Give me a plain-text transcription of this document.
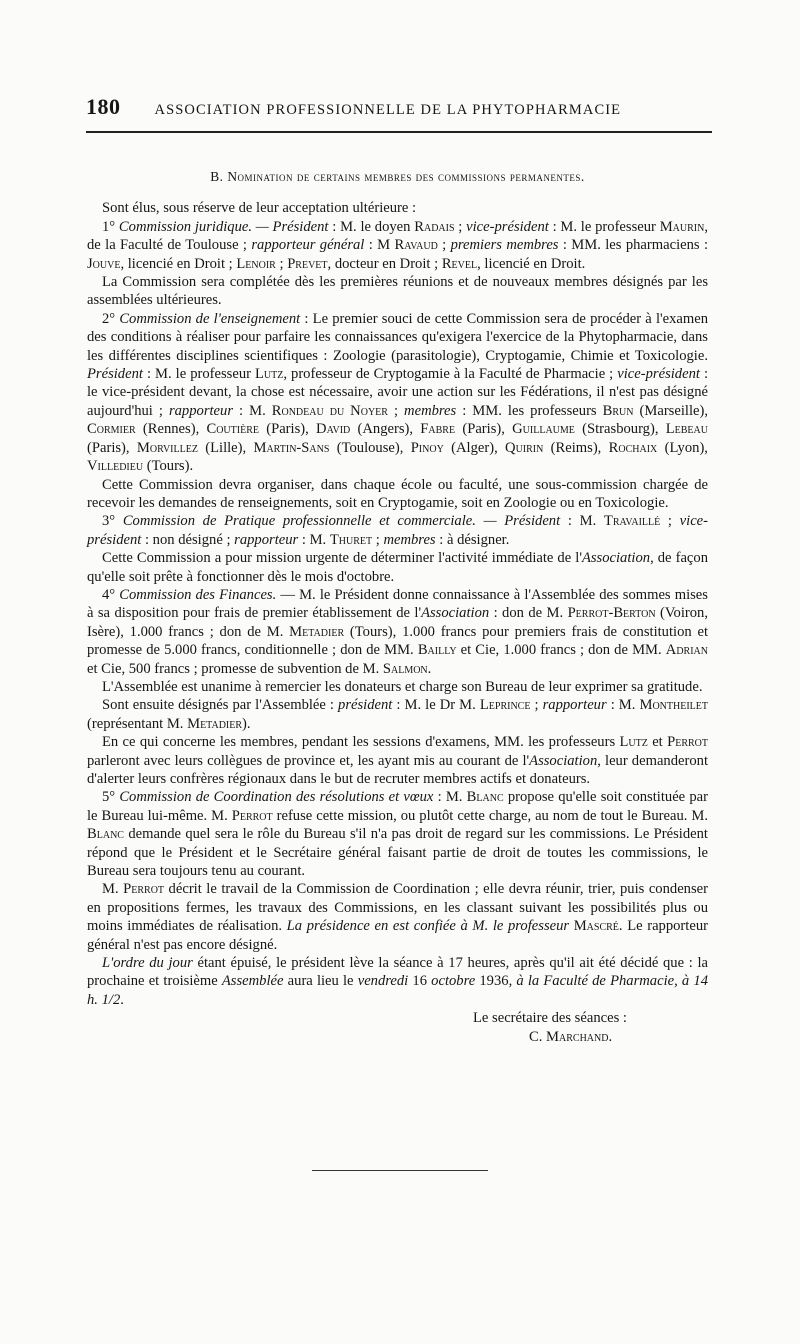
180 ASSOCIATION PROFESSIONNELLE DE LA PHYTOPHARMACIE
B. Nomination de certains membres des commissions permanentes.

Sont élus, sous réserve de leur acceptation ultérieure :

1° Commission juridique. — Président : M. le doyen Radais ; vice-président : M. le professeur Maurin, de la Faculté de Toulouse ; rapporteur général : M Ravaud ; premiers membres : MM. les pharmaciens : Jouve, licencié en Droit ; Lenoir ; Prevet, docteur en Droit ; Revel, licencié en Droit.

La Commission sera complétée dès les premières réunions et de nouveaux membres désignés par les assemblées ultérieures.

2° Commission de l'enseignement : Le premier souci de cette Commission sera de procéder à l'examen des conditions à réaliser pour parfaire les connaissances qu'exigera l'exercice de la Phytopharmacie, dans les différentes disciplines scientifiques : Zoologie (parasitologie), Cryptogamie, Chimie et Toxicologie. Président : M. le professeur Lutz, professeur de Cryptogamie à la Faculté de Pharmacie ; vice-président : le vice-président devant, la chose est nécessaire, avoir une action sur les Fédérations, il n'est pas désigné aujourd'hui ; rapporteur : M. Rondeau du Noyer ; membres : MM. les professeurs Brun (Marseille), Cormier (Rennes), Coutière (Paris), David (Angers), Fabre (Paris), Guillaume (Strasbourg), Lebeau (Paris), Morvillez (Lille), Martin-Sans (Toulouse), Pinoy (Alger), Quirin (Reims), Rochaix (Lyon), Villedieu (Tours).

Cette Commission devra organiser, dans chaque école ou faculté, une sous-commission chargée de recevoir les demandes de renseignements, soit en Cryptogamie, soit en Zoologie ou en Toxicologie.

3° Commission de Pratique professionnelle et commerciale. — Président : M. Travaillé ; vice-président : non désigné ; rapporteur : M. Thuret ; membres : à désigner.

Cette Commission a pour mission urgente de déterminer l'activité immédiate de l'Association, de façon qu'elle soit prête à fonctionner dès le mois d'octobre.

4° Commission des Finances. — M. le Président donne connaissance à l'Assemblée des sommes mises à sa disposition pour frais de premier établissement de l'Association : don de M. Perrot-Berton (Voiron, Isère), 1.000 francs ; don de M. Metadier (Tours), 1.000 francs pour premiers frais de constitution et promesse de 5.000 francs, conditionnelle ; don de MM. Bailly et Cie, 1.000 francs ; don de MM. Adrian et Cie, 500 francs ; promesse de subvention de M. Salmon.

L'Assemblée est unanime à remercier les donateurs et charge son Bureau de leur exprimer sa gratitude.

Sont ensuite désignés par l'Assemblée : président : M. le Dr M. Leprince ; rapporteur : M. Montheilet (représentant M. Metadier).

En ce qui concerne les membres, pendant les sessions d'examens, MM. les professeurs Lutz et Perrot parleront avec leurs collègues de province et, les ayant mis au courant de l'Association, leur demanderont d'alerter leurs confrères régionaux dans le but de recruter membres actifs et donateurs.

5° Commission de Coordination des résolutions et vœux : M. Blanc propose qu'elle soit constituée par le Bureau lui-même. M. Perrot refuse cette mission, ou plutôt cette charge, au nom de tout le Bureau. M. Blanc demande quel sera le rôle du Bureau s'il n'a pas droit de regard sur les commissions. Le Président répond que le Président et le Secrétaire général faisant partie de droit de toutes les commissions, le Bureau sera toujours tenu au courant.

M. Perrot décrit le travail de la Commission de Coordination ; elle devra réunir, trier, puis condenser en propositions fermes, les travaux des Commissions, en les classant suivant les possibilités plus ou moins immédiates de réalisation. La présidence en est confiée à M. le professeur Mascré. Le rapporteur général n'est pas encore désigné.

L'ordre du jour étant épuisé, le président lève la séance à 17 heures, après qu'il ait été décidé que : la prochaine et troisième Assemblée aura lieu le vendredi 16 octobre 1936, à la Faculté de Pharmacie, à 14 h. 1/2.

Le secrétaire des séances :
C. Marchand.
